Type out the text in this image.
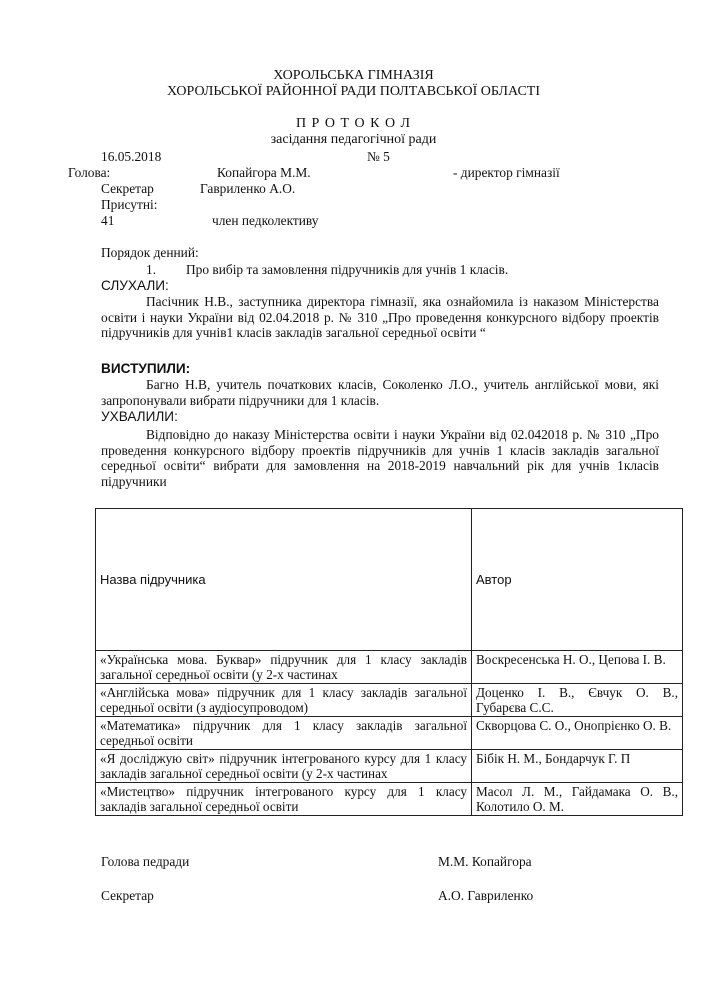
ХОРОЛЬСЬКА ГІМНАЗІЯ
ХОРОЛЬСЬКОЇ РАЙОННОЇ РАДИ ПОЛТАВСЬКОЇ ОБЛАСТІ
П Р О Т О К О Л
засідання педагогічної ради
16.05.2018	№ 5
Голова:	Копайгора М.М.	- директор гімназії
Секретар	Гавриленко А.О.
Присутні:
41	член педколективу
Порядок денний:
1. Про вибір та замовлення підручників для учнів 1 класів.
СЛУХАЛИ:
Пасічник Н.В., заступника директора гімназії, яка ознайомила із наказом Міністерства освіти і науки України від 02.04.2018 р. № 310 „Про проведення конкурсного відбору проектів підручників для учнів1 класів закладів загальної середньої освіти “
ВИСТУПИЛИ:
Багно Н.В, учитель початкових класів, Соколенко Л.О., учитель англійської мови, які запропонували вибрати підручники для 1 класів.
УХВАЛИЛИ:
Відповідно до наказу Міністерства освіти і науки України від 02.042018 р. № 310 „Про проведення конкурсного відбору проектів підручників для учнів 1 класів закладів загальної середньої освіти“ вибрати для замовлення на 2018-2019 навчальний рік для учнів 1класів підручники
Назва підручника	Автор
«Українська мова. Буквар» підручник для 1 класу закладів загальної середньої освіти (у 2-х частинах	Воскресенська Н. О., Цепова І. В.
«Англійська мова» підручник для 1 класу закладів загальної середньої освіти (з аудіосупроводом)	Доценко І. В., Євчук О. В., Губарєва С.С.
«Математика» підручник для 1 класу закладів загальної середньої освіти	Скворцова С. О., Онопрієнко О. В.
«Я досліджую світ» підручник інтегрованого курсу для 1 класу закладів загальної середньої освіти (у 2-х частинах	Бібік Н. М., Бондарчук Г. П
«Мистецтво» підручник інтегрованого курсу для 1 класу закладів загальної середньої освіти	Масол Л. М., Гайдамака О. В., Колотило О. М.
Голова педради	М.М. Копайгора
Секретар	А.О. Гавриленко
